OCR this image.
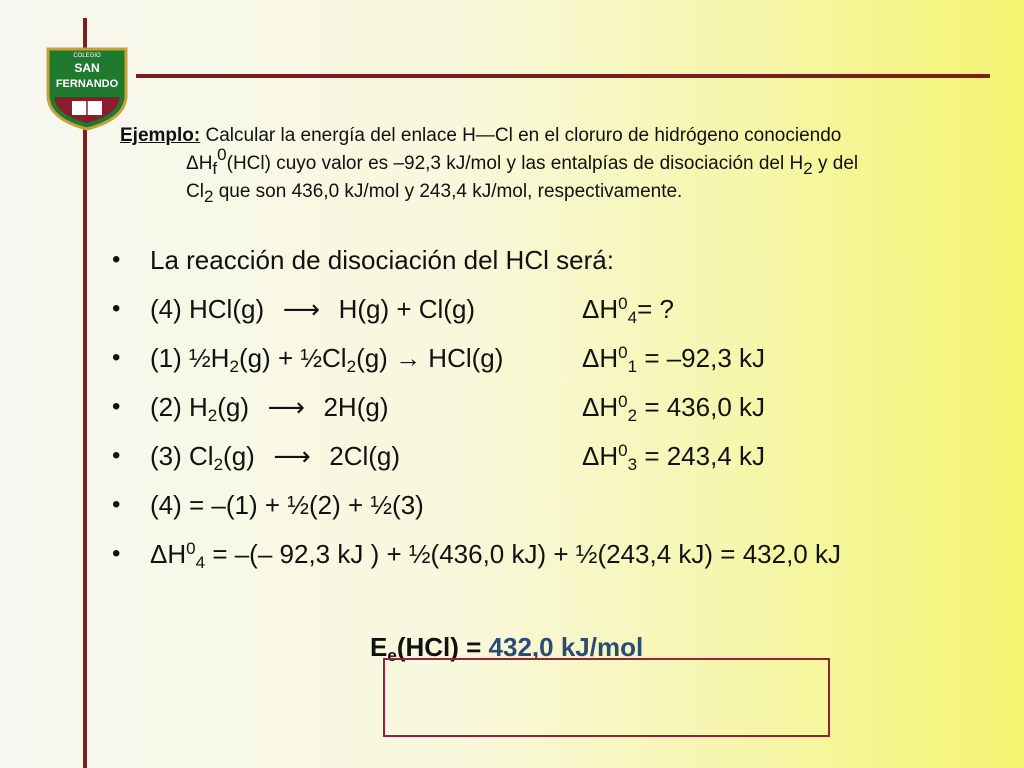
COLEGIO
SAN
FERNANDO
Ejemplo: Calcular la energía del enlace H—Cl en el cloruro de hidrógeno conociendo
$\Delta H_f^0(HCl)$ cuyo valor es –92,3 kJ/mol y las entalpías de disociación del $H_2$ y del
$Cl_2$ que son 436,0 kJ/mol y 243,4 kJ/mol, respectivamente.
• La reacción de disociación del HCl será:
• (4) HCl(g) ⟶ H(g) + Cl(g)	$\Delta H^0_4=$ ?
• (1) $\frac{1}{2}H_2(g)$ + $\frac{1}{2}Cl_2(g) \to HCl(g)$	$\Delta H^0_1 = -92,3$ kJ
• (2) $H_2(g)$ ⟶ 2H(g)	$\Delta H^0_2 = 436,0$ kJ
• (3) $Cl_2(g)$ ⟶ 2Cl(g)	$\Delta H^0_3 = 243,4$ kJ
• (4) = –(1) + ½(2) + ½(3)
• $\Delta H^0_4$ = –(– 92,3 kJ ) + ½(436,0 kJ) + ½(243,4 kJ) = 432,0 kJ
$E_e(HCl) = 432,0$ kJ/mol
